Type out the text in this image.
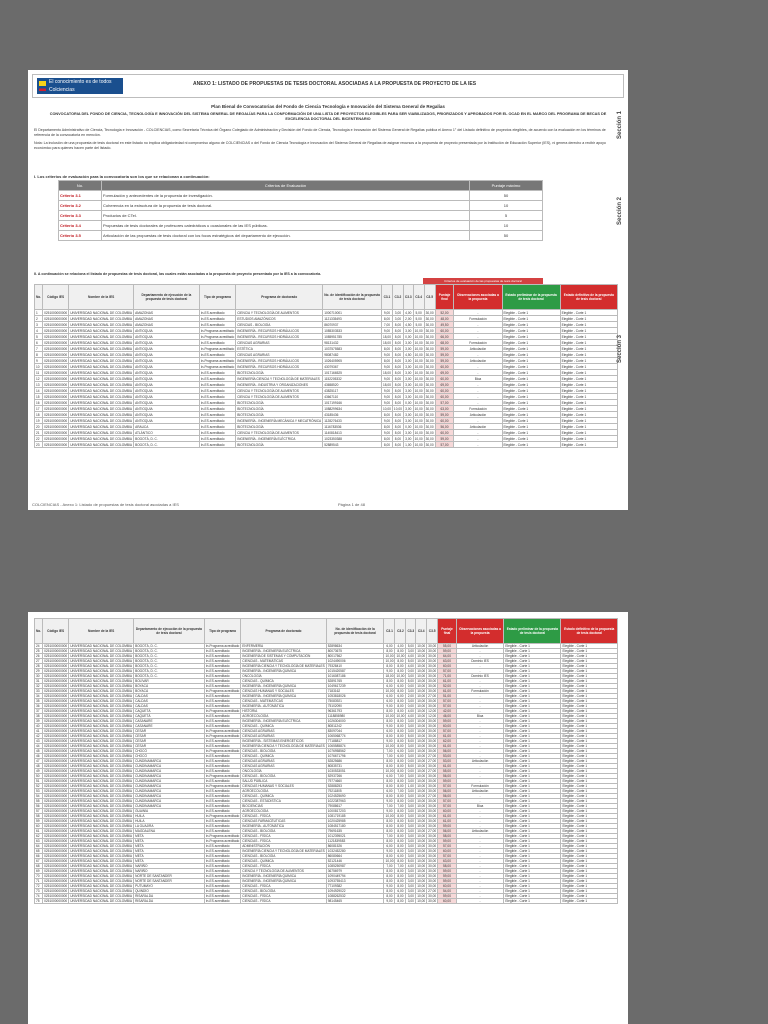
El conocimiento es de todos Colciencias
ANEXO 1: LISTADO DE PROPUESTAS DE TESIS DOCTORAL ASOCIADAS A LA PROPUESTA DE PROYECTO DE LA IES
Plan Bienal de Convocatorias del Fondo de Ciencia Tecnología e Innovación del Sistema General de Regalías
CONVOCATORIA DEL FONDO DE CIENCIA, TECNOLOGÍA E INNOVACIÓN DEL SISTEMA GENERAL DE REGALÍAS PARA LA CONFORMACIÓN DE UNA LISTA DE PROYECTOS ELEGIBLES PARA SER VIABILIZADOS, PRIORIZADOS Y APROBADOS POR EL OCAD EN EL MARCO DEL PROGRAMA DE BECAS DE EXCELENCIA DOCTORAL DEL BICENTENARIO
El Departamento Administrativo de Ciencia, Tecnología e Innovación - COLCIENCIAS, como Secretaría Técnica del Órgano Colegiado de Administración y Decisión del Fondo de Ciencia, Tecnología e Innovación del Sistema General de Regalías publica el Anexo 1° del Listado definitivo de proyectos elegibles, de acuerdo con la evaluación en los términos de referencia de la convocatoria en mención.
Nota: La inclusión de una propuesta de tesis doctoral en este listado no implica obligatoriedad ni compromiso alguno de COLCIENCIAS o del Fondo de Ciencia Tecnología e Innovación del Sistema General de Regalías de asignar recursos a la propuesta de proyecto presentada por la Institución de Educación Superior (IES), ni genera derecho a recibir apoyo económico para quienes hacen parte del listado.
I. Los criterios de evaluación para la convocatoria son los que se relacionan a continuación:
No.	Criterios de Evaluación	Puntaje máximo
Criterio 3.1	Formulación y antecedentes de la propuesta de investigación.	50
Criterio 3.2	Coherencia en la estructura de la propuesta de tesis doctoral.	10
Criterio 3.3	Productos de CTeI.	5
Criterio 3.4	Propuestas de tesis doctorales de profesores catedráticos u ocasionales de las IES públicas.	10
Criterio 3.5	Articulación de las propuestas de tesis doctoral con los focos estratégicos del departamento de ejecución.	50
II. A continuación se relaciona el listado de propuestas de tesis doctoral, las cuales están asociadas a la propuesta de proyecto presentado por la IES a la convocatoria.
Criterios de evaluación de las propuestas de tesis doctoral
No.	Código IES	Nombre de la IES	Departamento de ejecución de la propuesta de tesis doctoral	Tipo de programa	Programa de doctorado	No. de identificación de la propuesta de tesis doctoral	C3.1	C3.2	C3.3	C3.4	C3.5	Puntaje final	Observaciones asociadas a la propuesta	Estado preliminar de la propuesta de tesis doctoral	Estado definitivo de la propuesta de tesis doctoral
1	0251000000000	UNIVERSIDAD NACIONAL DE COLOMBIA	AMAZONAS	In-ES acreditado	CIENCIA Y TECNOLOGÍA DE ALIMENTOS	1000710001	9,00	3,00	4,00	5,00	30,00	52,00	-	Elegible - Corte 1	Elegible - Corte 1
2	0251000000000	UNIVERSIDAD NACIONAL DE COLOMBIA	AMAZONAS	In-ES acreditado	ESTUDIOS AMAZÓNICOS	1121335493	8,00	3,00	2,00	5,00	30,00	48,00	Formulación	Elegible - Corte 1	Elegible - Corte 1
3	0251000000000	UNIVERSIDAD NACIONAL DE COLOMBIA	AMAZONAS	In-ES acreditado	CIENCIAS - BIOLOGÍA	86070937	7,00	8,00	4,50	5,00	30,00	49,50	-	Elegible - Corte 1	Elegible - Corte 1
4	0251000000000	UNIVERSIDAD NACIONAL DE COLOMBIA	ANTIOQUIA	In-Programa acreditado	INGENIERÍA - RECURSOS HIDRÁULICOS	1085303533	9,00	8,00	3,00	10,00	30,00	60,00	-	Elegible - Corte 1	Elegible - Corte 1
5	0251000000000	UNIVERSIDAD NACIONAL DE COLOMBIA	ANTIOQUIA	In-Programa acreditado	INGENIERÍA - RECURSOS HIDRÁULICOS	1085951785	18,00	8,00	0,00	10,00	30,00	66,00	-	Elegible - Corte 1	Elegible - Corte 1
6	0251000000000	UNIVERSIDAD NACIONAL DE COLOMBIA	ANTIOQUIA	In-ES acreditado	CIENCIAS AGRARIAS	98131432	18,00	8,00	3,00	10,00	30,00	68,00	Formulación	Elegible - Corte 1	Elegible - Corte 1
7	0251000000000	UNIVERSIDAD NACIONAL DE COLOMBIA	ANTIOQUIA	In-Programa acreditado	ESTÉTICA	1037575583	8,00	8,00	3,00	10,00	30,00	59,00	Articulación	Elegible - Corte 1	Elegible - Corte 1
8	0251000000000	UNIVERSIDAD NACIONAL DE COLOMBIA	ANTIOQUIA	In-ES acreditado	CIENCIAS AGRARIAS	98087482	9,00	8,00	4,50	10,00	30,00	59,00	-	Elegible - Corte 1	Elegible - Corte 1
9	0251000000000	UNIVERSIDAD NACIONAL DE COLOMBIA	ANTIOQUIA	In-Programa acreditado	INGENIERÍA - RECURSOS HIDRÁULICOS	1026405905	8,00	8,00	3,00	10,00	30,00	59,00	Articulación	Elegible - Corte 1	Elegible - Corte 1
10	0251000000000	UNIVERSIDAD NACIONAL DE COLOMBIA	ANTIOQUIA	In-Programa acreditado	INGENIERÍA - RECURSOS HIDRÁULICOS	43079367	9,00	8,00	3,00	10,00	30,00	60,00	-	Elegible - Corte 1	Elegible - Corte 1
11	0251000000000	UNIVERSIDAD NACIONAL DE COLOMBIA	ANTIOQUIA	In-ES acreditado	BIOTECNOLOGÍA	1017166525	18,00	8,00	3,00	10,00	30,00	69,00	-	Elegible - Corte 1	Elegible - Corte 1
12	0251000000000	UNIVERSIDAD NACIONAL DE COLOMBIA	ANTIOQUIA	In-ES acreditado	INGENIERÍA CIENCIA Y TECNOLOGÍA DE MATERIALES	1152205332	9,00	8,00	3,00	10,00	30,00	60,00	Bioa	Elegible - Corte 1	Elegible - Corte 1
13	0251000000000	UNIVERSIDAD NACIONAL DE COLOMBIA	ANTIOQUIA	In-ES acreditado	INGENIERÍA - INDUSTRIA Y ORGANIZACIONES	43658520	18,00	8,00	3,00	10,00	30,00	69,00	-	Elegible - Corte 1	Elegible - Corte 1
14	0251000000000	UNIVERSIDAD NACIONAL DE COLOMBIA	ANTIOQUIA	In-ES acreditado	CIENCIA Y TECNOLOGÍA DE ALIMENTOS	43825117	9,00	8,00	3,00	10,00	30,00	60,00	-	Elegible - Corte 1	Elegible - Corte 1
15	0251000000000	UNIVERSIDAD NACIONAL DE COLOMBIA	ANTIOQUIA	In-ES acreditado	CIENCIA Y TECNOLOGÍA DE ALIMENTOS	43667110	9,00	8,00	3,00	10,00	30,00	60,00	-	Elegible - Corte 1	Elegible - Corte 1
16	0251000000000	UNIVERSIDAD NACIONAL DE COLOMBIA	ANTIOQUIA	In-ES acreditado	BIOTECNOLOGÍA	1017199166	9,00	8,00	0,00	10,00	30,00	57,00	-	Elegible - Corte 1	Elegible - Corte 1
17	0251000000000	UNIVERSIDAD NACIONAL DE COLOMBIA	ANTIOQUIA	In-ES acreditado	BIOTECNOLOGÍA	1088299634	10,00	10,00	3,00	10,00	30,00	63,00	Formulación	Elegible - Corte 1	Elegible - Corte 1
18	0251000000000	UNIVERSIDAD NACIONAL DE COLOMBIA	ANTIOQUIA	In-ES acreditado	BIOTECNOLOGÍA	43185436	8,00	8,00	3,00	10,00	30,00	59,00	Articulación	Elegible - Corte 1	Elegible - Corte 1
19	0251000000000	UNIVERSIDAD NACIONAL DE COLOMBIA	ANTIOQUIA	In-ES acreditado	INGENIERÍA - INGENIERÍA MECÁNICA Y MECATRÓNICA	1128276433	9,00	8,00	3,00	10,00	30,00	60,00	-	Elegible - Corte 1	Elegible - Corte 1
20	0251000000000	UNIVERSIDAD NACIONAL DE COLOMBIA	ARAUCA	In-ES acreditado	BIOTECNOLOGÍA	1116783536	8,00	8,00	0,00	10,00	30,00	56,00	Articulación	Elegible - Corte 1	Elegible - Corte 1
21	0251000000000	UNIVERSIDAD NACIONAL DE COLOMBIA	ATLÁNTICO	In-ES acreditado	CIENCIA Y TECNOLOGÍA DE ALIMENTOS	1140818413	9,00	8,00	3,00	10,00	30,00	60,00	-	Elegible - Corte 1	Elegible - Corte 1
22	0251000000000	UNIVERSIDAD NACIONAL DE COLOMBIA	BOGOTÁ, D. C.	In-ES acreditado	INGENIERÍA - INGENIERÍA ELÉCTRICA	1023350388	8,00	8,00	3,00	10,00	30,00	59,00	-	Elegible - Corte 1	Elegible - Corte 1
23	0251000000000	UNIVERSIDAD NACIONAL DE COLOMBIA	BOGOTÁ, D. C.	In-ES acreditado	BIOTECNOLOGÍA	52889543	8,00	8,00	1,00	10,00	30,00	57,00	-	Elegible - Corte 1	Elegible - Corte 1
COLCIENCIAS - Anexo 1: Listado de propuestas de tesis doctoral asociadas a IES	Página 1 de 48
Sección 1
Sección 2
Sección 3
No.	Código IES	Nombre de la IES	Departamento de ejecución de la propuesta de tesis doctoral	Tipo de programa	Programa de doctorado	No. de identificación de la propuesta de tesis doctoral	C3.1	C3.2	C3.3	C3.4	C3.5	Puntaje final	Observaciones asociadas a la propuesta	Estado preliminar de la propuesta de tesis doctoral	Estado definitivo de la propuesta de tesis doctoral
24	0251000000000	UNIVERSIDAD NACIONAL DE COLOMBIA	BOGOTÁ, D. C.	In-Programa acreditado	ENFERMERÍA	52898634	6,00	4,00	5,00	10,00	30,00	55,00	Articulación	Elegible - Corte 1	Elegible - Corte 1
25	0251000000000	UNIVERSIDAD NACIONAL DE COLOMBIA	BOGOTÁ, D. C.	In-ES acreditado	INGENIERÍA - INGENIERÍA ELÉCTRICA	80073675	8,00	8,00	3,00	10,00	30,00	59,00	-	Elegible - Corte 1	Elegible - Corte 1
26	0251000000000	UNIVERSIDAD NACIONAL DE COLOMBIA	BOGOTÁ, D. C.	In-ES acreditado	INGENIERÍA DE SISTEMAS Y COMPUTACIÓN	80017562	10,00	10,00	4,00	10,00	30,00	64,00	-	Elegible - Corte 1	Elegible - Corte 1
27	0251000000000	UNIVERSIDAD NACIONAL DE COLOMBIA	BOGOTÁ, D. C.	In-ES acreditado	CIENCIAS - MATEMÁTICAS	1024490006	10,00	8,00	5,00	10,00	30,00	63,00	Dominio IES	Elegible - Corte 1	Elegible - Corte 1
28	0251000000000	UNIVERSIDAD NACIONAL DE COLOMBIA	BOGOTÁ, D. C.	In-ES acreditado	INGENIERÍA CIENCIA Y TECNOLOGÍA DE MATERIALES	79328410	8,00	8,00	4,00	10,00	30,00	60,00	-	Elegible - Corte 1	Elegible - Corte 1
29	0251000000000	UNIVERSIDAD NACIONAL DE COLOMBIA	BOGOTÁ, D. C.	In-ES acreditado	INGENIERÍA - INGENIERÍA QUÍMICA	1015420587	9,00	8,00	0,00	10,00	30,00	57,00	-	Elegible - Corte 1	Elegible - Corte 1
30	0251000000000	UNIVERSIDAD NACIONAL DE COLOMBIA	BOGOTÁ, D. C.	In-ES acreditado	ONCOLOGÍA	1016087186	18,00	10,00	3,00	10,00	30,00	71,00	Dominio IES	Elegible - Corte 1	Elegible - Corte 1
31	0251000000000	UNIVERSIDAD NACIONAL DE COLOMBIA	BOLÍVAR	In-ES acreditado	CIENCIAS - QUÍMICA	52891765	8,00	8,00	5,00	10,00	30,00	61,00	-	Elegible - Corte 1	Elegible - Corte 1
32	0251000000000	UNIVERSIDAD NACIONAL DE COLOMBIA	BOYACÁ	In-ES acreditado	INGENIERÍA - INGENIERÍA QUÍMICA	1049617239	6,00	6,00	0,00	10,00	30,00	52,00	-	Elegible - Corte 1	Elegible - Corte 1
33	0251000000000	UNIVERSIDAD NACIONAL DE COLOMBIA	BOYACÁ	In-Programa acreditado	CIENCIAS HUMANAS Y SOCIALES	7183162	10,00	8,00	3,00	10,00	30,00	61,00	Formulación	Elegible - Corte 1	Elegible - Corte 1
34	0251000000000	UNIVERSIDAD NACIONAL DE COLOMBIA	CALDAS	In-ES acreditado	INGENIERÍA - INGENIERÍA QUÍMICA	1053818026	6,00	6,00	2,00	10,00	27,00	51,00	-	Elegible - Corte 1	Elegible - Corte 1
35	0251000000000	UNIVERSIDAD NACIONAL DE COLOMBIA	CALDAS	In-ES acreditado	CIENCIAS - MATEMÁTICAS	75083921	6,00	8,00	3,00	10,00	30,00	57,00	-	Elegible - Corte 1	Elegible - Corte 1
36	0251000000000	UNIVERSIDAD NACIONAL DE COLOMBIA	CALDAS	In-ES acreditado	INGENIERÍA - AUTOMÁTICA	75102090	9,00	8,00	0,00	10,00	30,00	57,00	-	Elegible - Corte 1	Elegible - Corte 1
37	0251000000000	UNIVERSIDAD NACIONAL DE COLOMBIA	CAQUETÁ	In-Programa acreditado	HISTORIA	96361793	8,00	8,00	4,00	10,00	12,00	42,00	-	Elegible - Corte 1	Elegible - Corte 1
38	0251000000000	UNIVERSIDAD NACIONAL DE COLOMBIA	CAQUETÁ	In-ES acreditado	AGROECOLOGÍA	1118858980	10,00	10,00	4,00	10,00	12,00	46,00	Bioa	Elegible - Corte 1	Elegible - Corte 1
39	0251000000000	UNIVERSIDAD NACIONAL DE COLOMBIA	CASANARE	In-ES acreditado	INGENIERÍA - INGENIERÍA ELÉCTRICA	1026304000	8,00	8,00	3,00	10,00	30,00	59,00	-	Elegible - Corte 1	Elegible - Corte 1
40	0251000000000	UNIVERSIDAD NACIONAL DE COLOMBIA	CASANARE	In-ES acreditado	CIENCIAS - QUÍMICA	80811242	9,00	8,00	3,00	10,00	30,00	60,00	-	Elegible - Corte 1	Elegible - Corte 1
41	0251000000000	UNIVERSIDAD NACIONAL DE COLOMBIA	CESAR	In-Programa acreditado	CIENCIAS AGRARIAS	83097044	6,00	8,00	3,00	10,00	30,00	57,00	-	Elegible - Corte 1	Elegible - Corte 1
42	0251000000000	UNIVERSIDAD NACIONAL DE COLOMBIA	CESAR	In-Programa acreditado	CIENCIAS AGRARIAS	1065068774	8,00	8,00	5,00	10,00	30,00	61,00	-	Elegible - Corte 1	Elegible - Corte 1
43	0251000000000	UNIVERSIDAD NACIONAL DE COLOMBIA	CESAR	In-ES acreditado	INGENIERÍA - SISTEMAS ENERGÉTICOS	77188817	9,00	8,00	5,00	10,00	30,00	62,00	-	Elegible - Corte 1	Elegible - Corte 1
44	0251000000000	UNIVERSIDAD NACIONAL DE COLOMBIA	CESAR	In-ES acreditado	INGENIERÍA CIENCIA Y TECNOLOGÍA DE MATERIALES	1065585874	10,00	8,00	3,00	10,00	30,00	61,00	-	Elegible - Corte 1	Elegible - Corte 1
45	0251000000000	UNIVERSIDAD NACIONAL DE COLOMBIA	CHOCÓ	In-Programa acreditado	CIENCIAS - BIOLOGÍA	1076958562	7,00	6,00	3,00	10,00	30,00	56,00	-	Elegible - Corte 1	Elegible - Corte 1
46	0251000000000	UNIVERSIDAD NACIONAL DE COLOMBIA	CHOCÓ	In-ES acreditado	CIENCIAS - QUÍMICA	1076671796	7,00	6,00	3,00	10,00	27,00	53,00	-	Elegible - Corte 1	Elegible - Corte 1
47	0251000000000	UNIVERSIDAD NACIONAL DE COLOMBIA	CUNDINAMARCA	In-ES acreditado	CIENCIAS AGRARIAS	52825686	8,00	8,00	0,00	10,00	27,00	53,00	Articulación	Elegible - Corte 1	Elegible - Corte 1
48	0251000000000	UNIVERSIDAD NACIONAL DE COLOMBIA	CUNDINAMARCA	In-ES acreditado	CIENCIAS AGRARIAS	80835731	8,00	8,00	5,00	10,00	30,00	61,00	-	Elegible - Corte 1	Elegible - Corte 1
49	0251000000000	UNIVERSIDAD NACIONAL DE COLOMBIA	CUNDINAMARCA	In-ES acreditado	ONCOLOGÍA	1030533051	10,00	8,00	0,00	10,00	27,00	55,00	-	Elegible - Corte 1	Elegible - Corte 1
50	0251000000000	UNIVERSIDAD NACIONAL DE COLOMBIA	CUNDINAMARCA	In-Programa acreditado	CIENCIAS - BIOLOGÍA	52937266	6,00	7,00	3,00	10,00	30,00	56,00	-	Elegible - Corte 1	Elegible - Corte 1
51	0251000000000	UNIVERSIDAD NACIONAL DE COLOMBIA	CUNDINAMARCA	In-ES acreditado	SALUD PÚBLICA	79774660	8,00	8,00	3,00	10,00	30,00	59,00	-	Elegible - Corte 1	Elegible - Corte 1
52	0251000000000	UNIVERSIDAD NACIONAL DE COLOMBIA	CUNDINAMARCA	In-Programa acreditado	CIENCIAS HUMANAS Y SOCIALES	52888253	8,00	8,00	1,00	10,00	30,00	57,00	Formulación	Elegible - Corte 1	Elegible - Corte 1
53	0251000000000	UNIVERSIDAD NACIONAL DE COLOMBIA	CUNDINAMARCA	In-ES acreditado	AGROECOLOGÍA	79211805	6,00	7,00	3,00	10,00	30,00	56,00	Articulación	Elegible - Corte 1	Elegible - Corte 1
54	0251000000000	UNIVERSIDAD NACIONAL DE COLOMBIA	CUNDINAMARCA	In-ES acreditado	CIENCIAS - QUÍMICA	1024525690	8,00	8,00	3,00	10,00	27,00	56,00	-	Elegible - Corte 1	Elegible - Corte 1
55	0251000000000	UNIVERSIDAD NACIONAL DE COLOMBIA	CUNDINAMARCA	In-ES acreditado	CIENCIAS - ESTADÍSTICA	1022387963	9,00	8,00	0,00	10,00	30,00	57,00	-	Elegible - Corte 1	Elegible - Corte 1
56	0251000000000	UNIVERSIDAD NACIONAL DE COLOMBIA	CUNDINAMARCA	In-ES acreditado	BIOCIENCIAS	79088617	7,00	7,00	3,00	10,00	30,00	57,00	Bioa	Elegible - Corte 1	Elegible - Corte 1
57	0251000000000	UNIVERSIDAD NACIONAL DE COLOMBIA	GUAINÍA	In-ES acreditado	AGROECOLOGÍA	1000817203	9,00	8,00	3,00	10,00	30,00	60,00	-	Elegible - Corte 1	Elegible - Corte 1
58	0251000000000	UNIVERSIDAD NACIONAL DE COLOMBIA	HUILA	In-Programa acreditado	CIENCIAS - FÍSICA	1081719185	10,00	8,00	3,00	10,00	30,00	61,00	-	Elegible - Corte 1	Elegible - Corte 1
59	0251000000000	UNIVERSIDAD NACIONAL DE COLOMBIA	HUILA	In-ES acreditado	CIENCIAS FARMACÉUTICAS	1020425985	8,00	8,00	5,00	10,00	30,00	61,00	-	Elegible - Corte 1	Elegible - Corte 1
60	0251000000000	UNIVERSIDAD NACIONAL DE COLOMBIA	LA GUAJIRA	In-ES acreditado	INGENIERÍA - AUTOMÁTICA	1084517180	8,00	8,00	3,00	10,00	30,00	59,00	-	Elegible - Corte 1	Elegible - Corte 1
61	0251000000000	UNIVERSIDAD NACIONAL DE COLOMBIA	MAGDALENA	In-ES acreditado	CIENCIAS - BIOLOGÍA	79691635	8,00	8,00	3,00	10,00	27,00	56,00	Articulación	Elegible - Corte 1	Elegible - Corte 1
62	0251000000000	UNIVERSIDAD NACIONAL DE COLOMBIA	META	In-Programa acreditado	CIENCIAS - FÍSICA	1012395021	7,00	8,00	3,00	10,00	30,00	58,00	-	Elegible - Corte 1	Elegible - Corte 1
63	0251000000000	UNIVERSIDAD NACIONAL DE COLOMBIA	META	In-Programa acreditado	CIENCIAS - FÍSICA	1121839583	8,00	8,00	3,00	10,00	30,00	59,00	-	Elegible - Corte 1	Elegible - Corte 1
64	0251000000000	UNIVERSIDAD NACIONAL DE COLOMBIA	META	In-ES acreditado	ADMINISTRACIÓN	86081526	6,00	8,00	3,00	10,00	30,00	57,00	-	Elegible - Corte 1	Elegible - Corte 1
65	0251000000000	UNIVERSIDAD NACIONAL DE COLOMBIA	META	In-ES acreditado	INGENIERÍA CIENCIA Y TECNOLOGÍA DE MATERIALES	1032452280	9,00	8,00	3,00	10,00	30,00	60,00	-	Elegible - Corte 1	Elegible - Corte 1
66	0251000000000	UNIVERSIDAD NACIONAL DE COLOMBIA	META	In-ES acreditado	CIENCIAS - BIOLOGÍA	86080664	8,00	6,00	3,00	10,00	30,00	57,00	-	Elegible - Corte 1	Elegible - Corte 1
67	0251000000000	UNIVERSIDAD NACIONAL DE COLOMBIA	META	In-ES acreditado	CIENCIAS - QUÍMICA	52121446	10,00	8,00	5,00	10,00	30,00	63,00	-	Elegible - Corte 1	Elegible - Corte 1
68	0251000000000	UNIVERSIDAD NACIONAL DE COLOMBIA	NARIÑO	In-ES acreditado	CIENCIAS - FÍSICA	1085250987	7,00	7,00	4,00	10,00	30,00	58,00	-	Elegible - Corte 1	Elegible - Corte 1
69	0251000000000	UNIVERSIDAD NACIONAL DE COLOMBIA	NARIÑO	In-ES acreditado	CIENCIA Y TECNOLOGÍA DE ALIMENTOS	36756979	8,00	8,00	3,00	10,00	30,00	59,00	-	Elegible - Corte 1	Elegible - Corte 1
70	0251000000000	UNIVERSIDAD NACIONAL DE COLOMBIA	NORTE DE SANTANDER	In-ES acreditado	INGENIERÍA - INGENIERÍA QUÍMICA	1090449794	8,00	8,00	3,00	10,00	30,00	59,00	-	Elegible - Corte 1	Elegible - Corte 1
71	0251000000000	UNIVERSIDAD NACIONAL DE COLOMBIA	NORTE DE SANTANDER	In-ES acreditado	INGENIERÍA - INGENIERÍA QUÍMICA	1093755413	8,00	8,00	3,00	10,00	30,00	59,00	-	Elegible - Corte 1	Elegible - Corte 1
72	0251000000000	UNIVERSIDAD NACIONAL DE COLOMBIA	PUTUMAYO	In-ES acreditado	CIENCIAS - FÍSICA	77109382	9,00	8,00	3,00	10,00	30,00	60,00	-	Elegible - Corte 1	Elegible - Corte 1
73	0251000000000	UNIVERSIDAD NACIONAL DE COLOMBIA	QUINDÍO	In-ES acreditado	CIENCIAS - BIOLOGÍA	1094929022	8,00	6,00	3,00	10,00	27,00	54,00	-	Elegible - Corte 1	Elegible - Corte 1
74	0251000000000	UNIVERSIDAD NACIONAL DE COLOMBIA	RISARALDA	In-ES acreditado	CIENCIAS - FÍSICA	1088262532	8,00	8,00	3,00	10,00	30,00	59,00	-	Elegible - Corte 1	Elegible - Corte 1
75	0251000000000	UNIVERSIDAD NACIONAL DE COLOMBIA	RISARALDA	In-ES acreditado	CIENCIAS - FÍSICA	98145465	9,00	8,00	3,00	10,00	30,00	60,00	-	Elegible - Corte 1	Elegible - Corte 1
